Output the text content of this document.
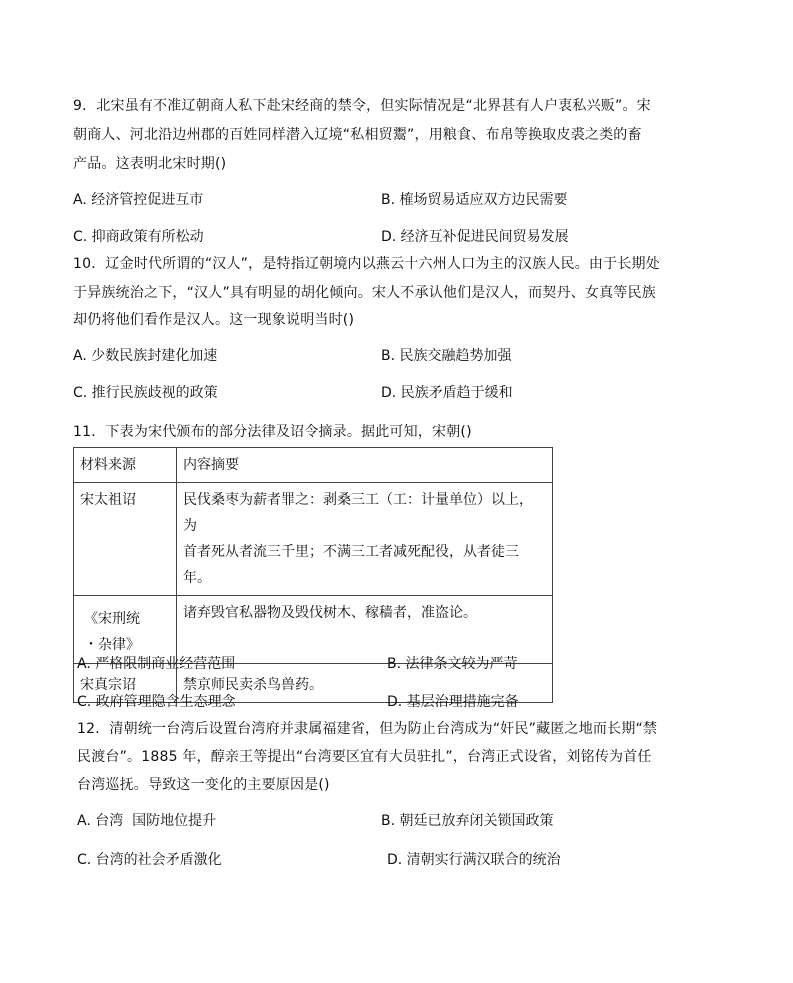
9．北宋虽有不准辽朝商人私下赴宋经商的禁令，但实际情况是“北界甚有人户衷私兴贩”。宋
朝商人、河北沿边州郡的百姓同样潜入辽境“私相贸鬻”，用粮食、布帛等换取皮裘之类的畜
产品。这表明北宋时期()
A. 经济管控促进互市	B. 榷场贸易适应双方边民需要
C. 抑商政策有所松动	D. 经济互补促进民间贸易发展
10．辽金时代所谓的“汉人”，是特指辽朝境内以燕云十六州人口为主的汉族人民。由于长期处
于异族统治之下，“汉人”具有明显的胡化倾向。宋人不承认他们是汉人，而契丹、女真等民族
却仍将他们看作是汉人。这一现象说明当时()
A. 少数民族封建化加速	B. 民族交融趋势加强
C. 推行民族歧视的政策	D. 民族矛盾趋于缓和
11．下表为宋代颁布的部分法律及诏令摘录。据此可知，宋朝()
材料来源	内容摘要
宋太祖诏	民伐桑枣为薪者罪之：剥桑三工（工：计量单位）以上，为
首者死从者流三千里；不满三工者减死配役，从者徒三年。

《宋刑统
・杂律》	诸弃毁官私器物及毁伐树木、稼穑者，准盗论。
宋真宗诏	禁京师民卖杀鸟兽药。
A. 严格限制商业经营范围	B. 法律条文较为严苛
C. 政府管理隐含生态理念	D. 基层治理措施完备
12．清朝统一台湾后设置台湾府并隶属福建省，但为防止台湾成为“奸民”藏匿之地而长期“禁
民渡台”。1885 年，醇亲王等提出“台湾要区宜有大员驻扎”，台湾正式设省，刘铭传为首任
台湾巡抚。导致这一变化的主要原因是()
A. 台湾  国防地位提升	B. 朝廷已放弃闭关锁国政策
C. 台湾的社会矛盾激化	D. 清朝实行满汉联合的统治
